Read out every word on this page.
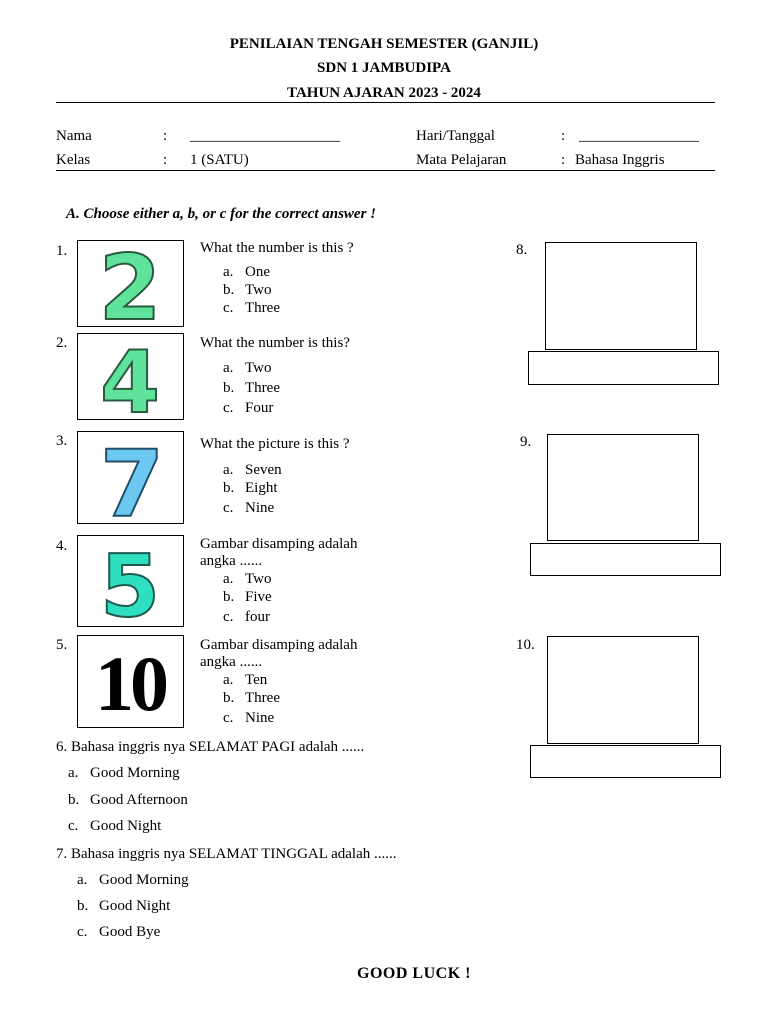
PENILAIAN TENGAH SEMESTER (GANJIL)
SDN 1 JAMBUDIPA
TAHUN AJARAN 2023 - 2024
Nama	: ____________________	Hari/Tanggal	: ________________
Kelas	: 1 (SATU)	Mata Pelajaran	: Bahasa Inggris
A. Choose either a, b, or c for the correct answer !
1. 2	What the number is this ?
a. One
b. Two
c. Three
2. 4	What the number is this?
a. Two
b. Three
c. Four
3. 7 What the picture is this ?
a. Seven
b. Eight
c. Nine
4. 5	Gambar disamping adalah
angka ......
a. Two
b. Five
c. four
5. 10 Gambar disamping adalah
angka ......
a. Ten
b. Three
c. Nine
8.
9.
10.
6. Bahasa inggris nya SELAMAT PAGI adalah ......
a. Good Morning
b. Good Afternoon
c. Good Night
7. Bahasa inggris nya SELAMAT TINGGAL adalah ......
a. Good Morning
b. Good Night
c. Good Bye
GOOD LUCK !
